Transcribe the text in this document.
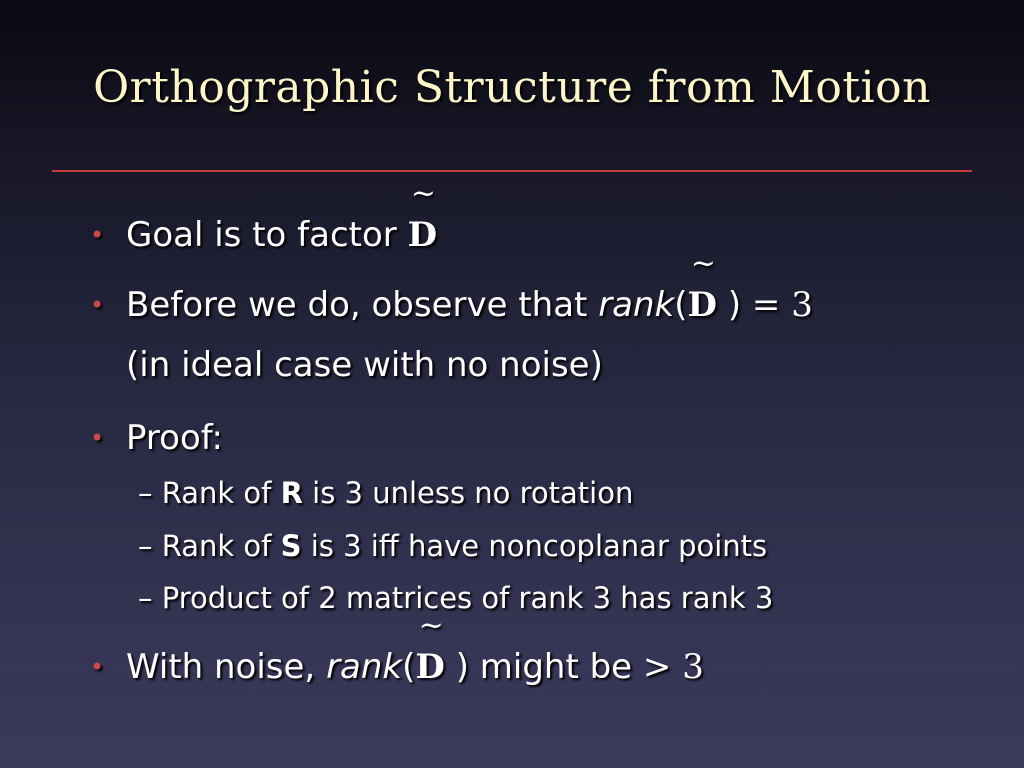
Orthographic Structure from Motion
• Goal is to factor
~
D
• Before we do, observe that rank(
~
D ) = 3
(in ideal case with no noise)
• Proof:
– Rank of R is 3 unless no rotation
– Rank of S is 3 iff have noncoplanar points
– Product of 2 matrices of rank 3 has rank 3
• With noise, rank(
~
D ) might be > 3
